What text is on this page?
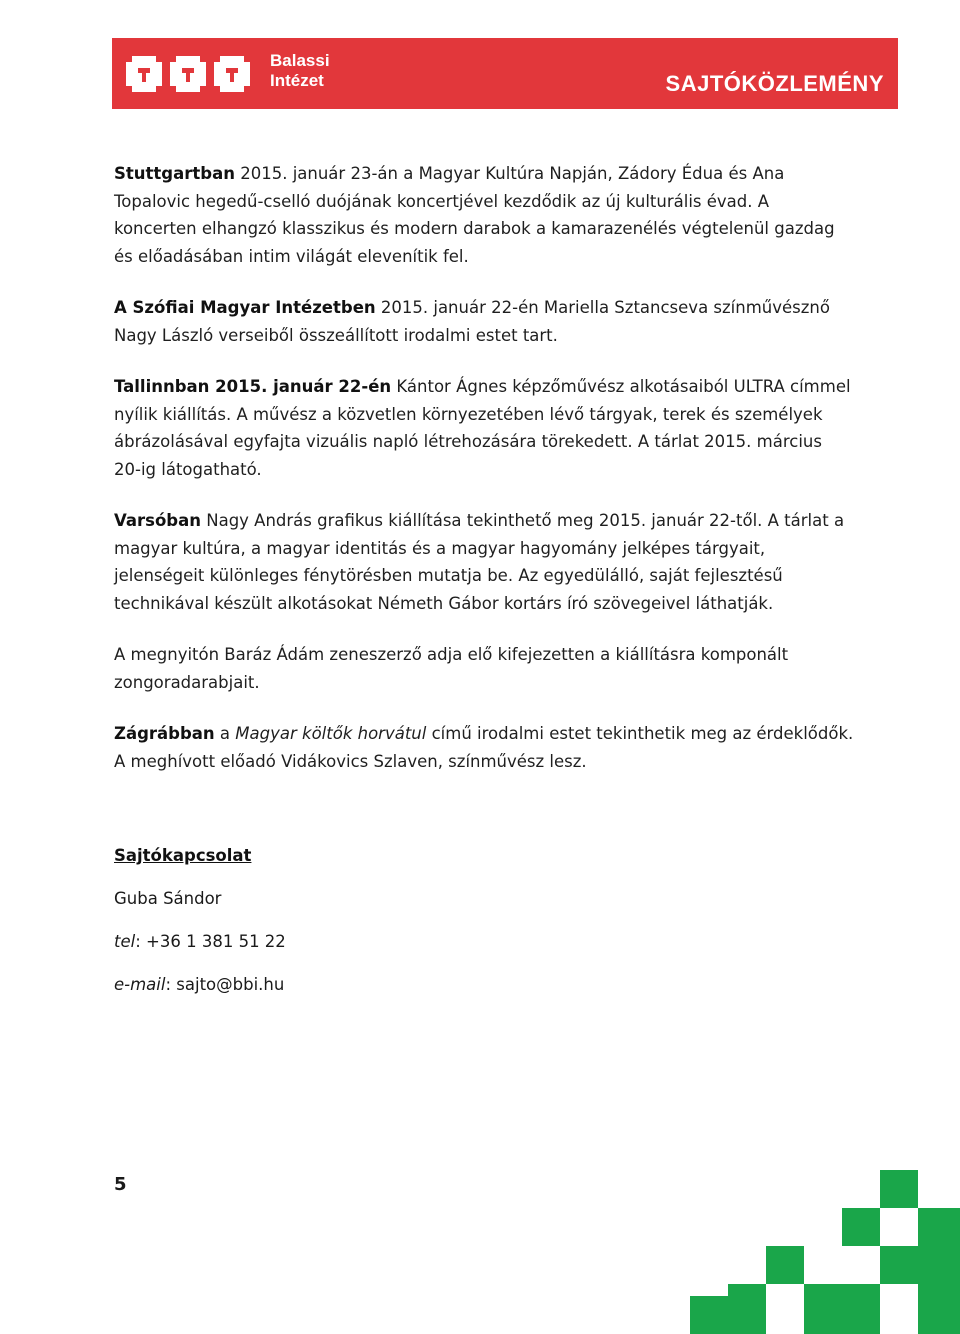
Balassi
Intézet	SAJTÓKÖZLEMÉNY

Stuttgartban 2015. január 23-án a Magyar Kultúra Napján, Zádory Édua és Ana Topalovic hegedű-cselló duójának koncertjével kezdődik az új kulturális évad. A koncerten elhangzó klasszikus és modern darabok a kamarazenélés végtelenül gazdag és előadásában intim világát elevenítik fel.

A Szófiai Magyar Intézetben 2015. január 22-én Mariella Sztancseva színművésznő Nagy László verseiből összeállított irodalmi estet tart.

Tallinnban 2015. január 22-én Kántor Ágnes képzőművész alkotásaiból ULTRA címmel nyílik kiállítás. A művész a közvetlen környezetében lévő tárgyak, terek és személyek ábrázolásával egyfajta vizuális napló létrehozására törekedett. A tárlat 2015. március 20-ig látogatható.

Varsóban Nagy András grafikus kiállítása tekinthető meg 2015. január 22-től. A tárlat a magyar kultúra, a magyar identitás és a magyar hagyomány jelképes tárgyait, jelenségeit különleges fénytörésben mutatja be. Az egyedülálló, saját fejlesztésű technikával készült alkotásokat Németh Gábor kortárs író szövegeivel láthatják.

A megnyitón Baráz Ádám zeneszerző adja elő kifejezetten a kiállításra komponált zongoradarabjait.

Zágrábban a Magyar költők horvátul című irodalmi estet tekinthetik meg az érdeklődők. A meghívott előadó Vidákovics Szlaven, színművész lesz.

Sajtókapcsolat
Guba Sándor
tel: +36 1 381 51 22
e-mail: sajto@bbi.hu
5
